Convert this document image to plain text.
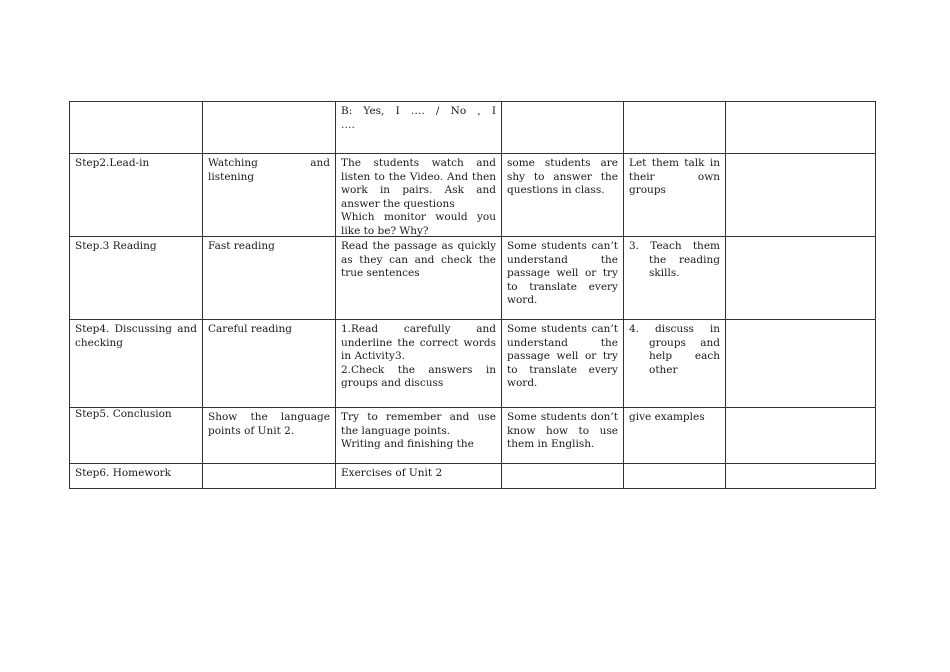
		B: Yes, I …. / No , I
….			

Step2.Lead-in	Watching and listening	The students watch and listen to the Video. And then work in pairs. Ask and answer the questions
Which monitor would you like to be? Why?	some students are shy to answer the questions in class.	Let them talk in their own groups	

Step.3 Reading	Fast reading	Read the passage as quickly as they can and check the true sentences	Some students can’t understand the passage well or try to translate every word.	3. Teach them the reading skills.	

Step4. Discussing and checking	Careful reading	1.Read carefully and underline the correct words in Activity3.
2.Check the answers in groups and discuss	Some students can’t understand the passage well or try to translate every word.	4. discuss in groups and help each other	

Step5. Conclusion	Show the language points of Unit 2.	Try to remember and use the language points.
Writing and finishing the	Some students don’t know how to use them in English.	give examples	

Step6. Homework		Exercises of Unit 2			
